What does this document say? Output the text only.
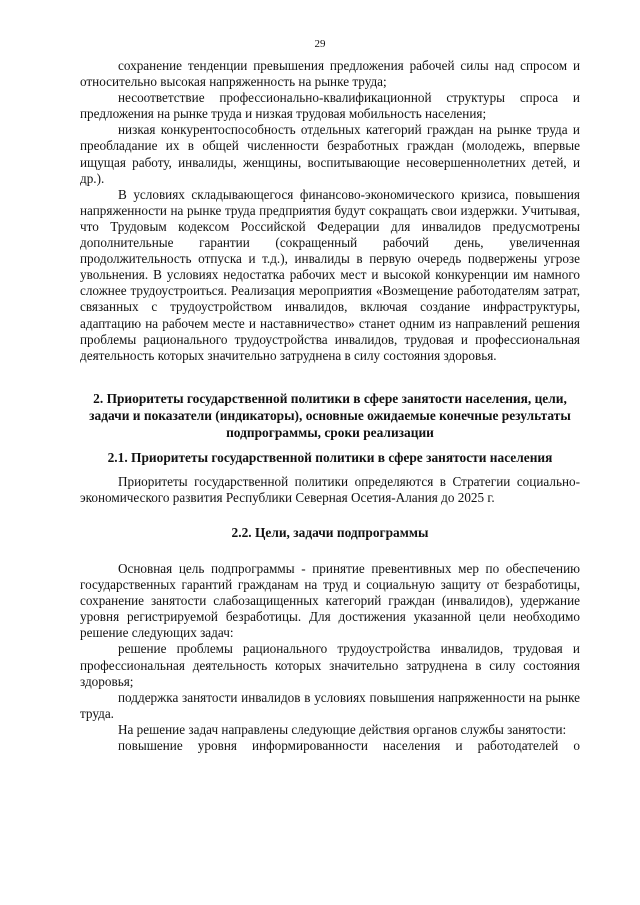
29

сохранение тенденции превышения предложения рабочей силы над спросом и относительно высокая напряженность на рынке труда;

несоответствие профессионально-квалификационной структуры спроса и предложения на рынке труда и низкая трудовая мобильность населения;

низкая конкурентоспособность отдельных категорий граждан на рынке труда и преобладание их в общей численности безработных граждан (молодежь, впервые ищущая работу, инвалиды, женщины, воспитывающие несовершеннолетних детей, и др.).

В условиях складывающегося финансово-экономического кризиса, повышения напряженности на рынке труда предприятия будут сокращать свои издержки. Учитывая, что Трудовым кодексом Российской Федерации для инвалидов предусмотрены дополнительные гарантии (сокращенный рабочий день, увеличенная продолжительность отпуска и т.д.), инвалиды в первую очередь подвержены угрозе увольнения. В условиях недостатка рабочих мест и высокой конкуренции им намного сложнее трудоустроиться. Реализация мероприятия «Возмещение работодателям затрат, связанных с трудоустройством инвалидов, включая создание инфраструктуры, адаптацию на рабочем месте и наставничество» станет одним из направлений решения проблемы рационального трудоустройства инвалидов, трудовая и профессиональная деятельность которых значительно затруднена в силу состояния здоровья.

2. Приоритеты государственной политики в сфере занятости населения, цели, задачи и показатели (индикаторы), основные ожидаемые конечные результаты подпрограммы, сроки реализации
2.1. Приоритеты государственной политики в сфере занятости населения

Приоритеты государственной политики определяются в Стратегии социально-экономического развития Республики Северная Осетия-Алания до 2025 г.

2.2. Цели, задачи подпрограммы

Основная цель подпрограммы - принятие превентивных мер по обеспечению государственных гарантий гражданам на труд и социальную защиту от безработицы, сохранение занятости слабозащищенных категорий граждан (инвалидов), удержание уровня регистрируемой безработицы. Для достижения указанной цели необходимо решение следующих задач:

решение проблемы рационального трудоустройства инвалидов, трудовая и профессиональная деятельность которых значительно затруднена в силу состояния здоровья;

поддержка занятости инвалидов в условиях повышения напряженности на рынке труда.

На решение задач направлены следующие действия органов службы занятости:

повышение уровня информированности населения и работодателей о
